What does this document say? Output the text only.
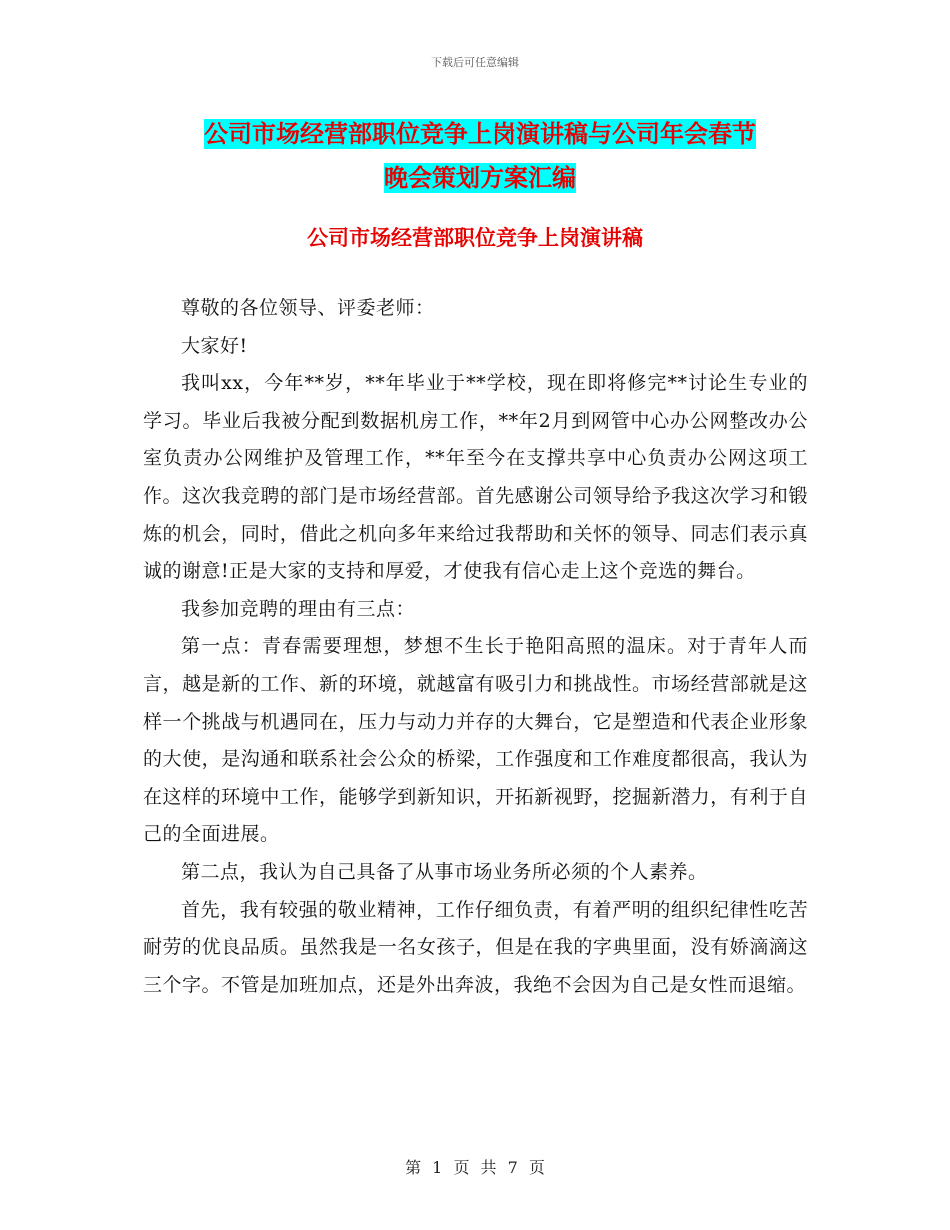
下载后可任意编辑
公司市场经营部职位竞争上岗演讲稿与公司年会春节
晚会策划方案汇编
公司市场经营部职位竞争上岗演讲稿

尊敬的各位领导、评委老师：

大家好!

我叫xx，今年**岁，**年毕业于**学校，现在即将修完**讨论生专业的学习。毕业后我被分配到数据机房工作，**年2月到网管中心办公网整改办公室负责办公网维护及管理工作，**年至今在支撑共享中心负责办公网这项工作。这次我竞聘的部门是市场经营部。首先感谢公司领导给予我这次学习和锻炼的机会，同时，借此之机向多年来给过我帮助和关怀的领导、同志们表示真诚的谢意!正是大家的支持和厚爱，才使我有信心走上这个竞选的舞台。

我参加竞聘的理由有三点：

第一点：青春需要理想，梦想不生长于艳阳高照的温床。对于青年人而言，越是新的工作、新的环境，就越富有吸引力和挑战性。市场经营部就是这样一个挑战与机遇同在，压力与动力并存的大舞台，它是塑造和代表企业形象的大使，是沟通和联系社会公众的桥梁，工作强度和工作难度都很高，我认为在这样的环境中工作，能够学到新知识，开拓新视野，挖掘新潜力，有利于自己的全面进展。

第二点，我认为自己具备了从事市场业务所必须的个人素养。

首先，我有较强的敬业精神，工作仔细负责，有着严明的组织纪律性吃苦耐劳的优良品质。虽然我是一名女孩子，但是在我的字典里面，没有娇滴滴这三个字。不管是加班加点，还是外出奔波，我绝不会因为自己是女性而退缩。

第 1 页 共 7 页
